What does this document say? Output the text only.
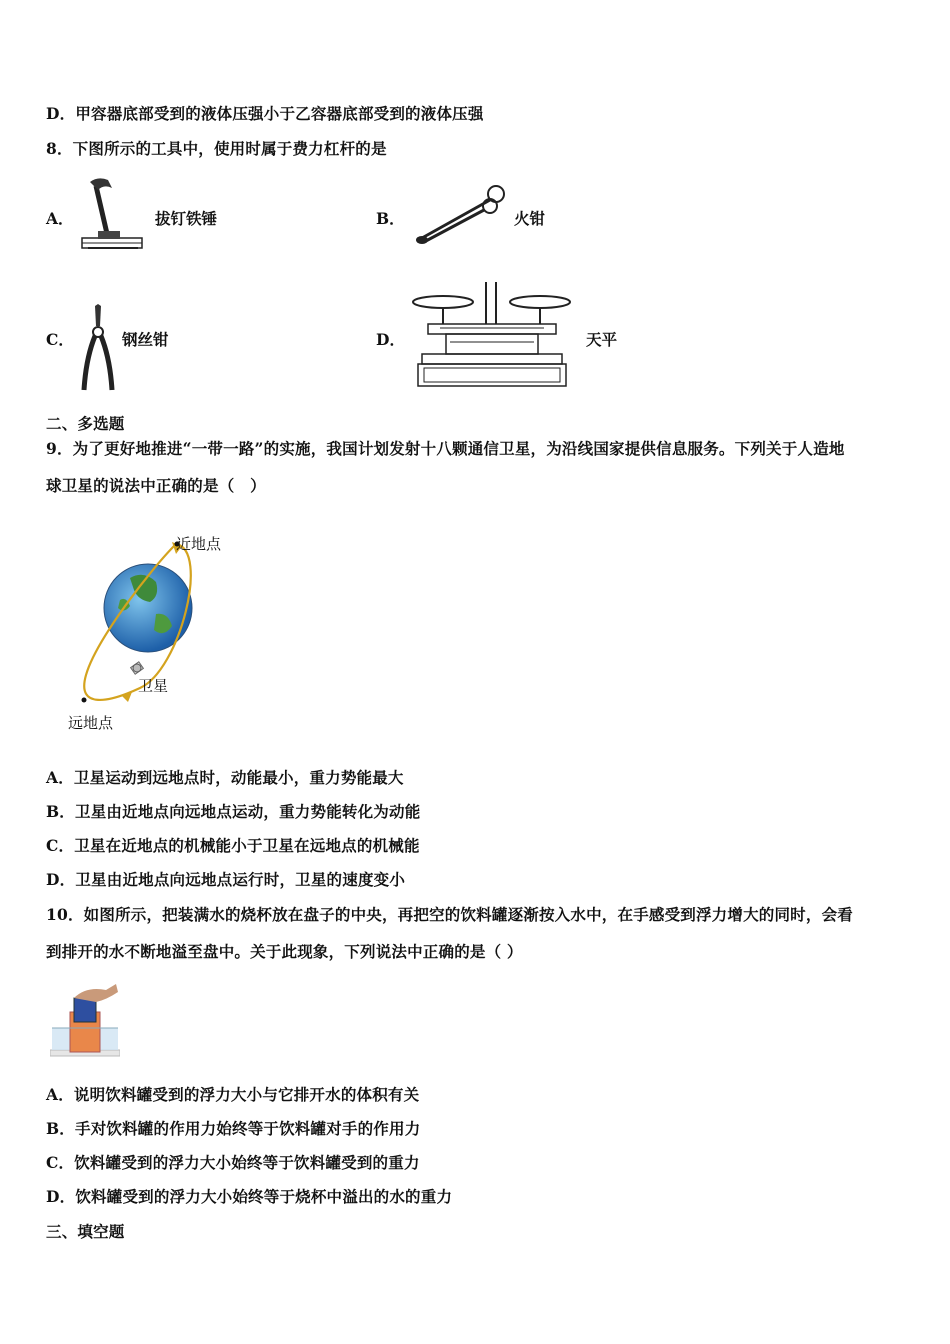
D．甲容器底部受到的液体压强小于乙容器底部受到的液体压强
8．下图所示的工具中，使用时属于费力杠杆的是
A．	拔钉铁锤	B．	火钳
C．	钢丝钳	D．	天平
二、多选题
9．为了更好地推进“一带一路”的实施，我国计划发射十八颗通信卫星，为沿线国家提供信息服务。下列关于人造地
球卫星的说法中正确的是（　）
近地点
卫星
远地点
A．卫星运动到远地点时，动能最小，重力势能最大
B．卫星由近地点向远地点运动，重力势能转化为动能
C．卫星在近地点的机械能小于卫星在远地点的机械能
D．卫星由近地点向远地点运行时，卫星的速度变小
10．如图所示，把装满水的烧杯放在盘子的中央，再把空的饮料罐逐渐按入水中，在手感受到浮力增大的同时，会看
到排开的水不断地溢至盘中。关于此现象，下列说法中正确的是（ ）
A．说明饮料罐受到的浮力大小与它排开水的体积有关
B．手对饮料罐的作用力始终等于饮料罐对手的作用力
C．饮料罐受到的浮力大小始终等于饮料罐受到的重力
D．饮料罐受到的浮力大小始终等于烧杯中溢出的水的重力
三、填空题
